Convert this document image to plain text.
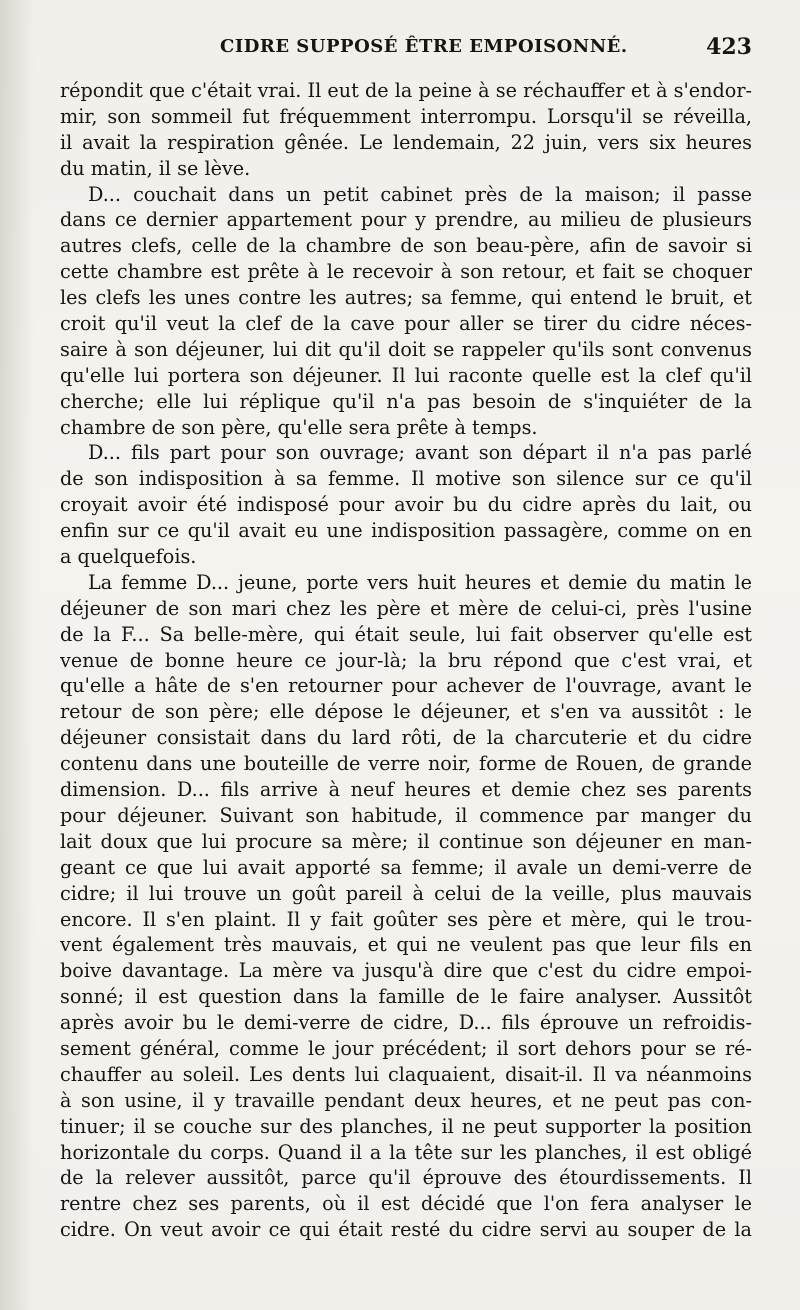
CIDRE SUPPOSÉ ÊTRE EMPOISONNÉ.	423
répondit que c'était vrai. Il eut de la peine à se réchauffer et à s'endor-
mir, son sommeil fut fréquemment interrompu. Lorsqu'il se réveilla,
il avait la respiration gênée. Le lendemain, 22 juin, vers six heures
du matin, il se lève.
D... couchait dans un petit cabinet près de la maison; il passe
dans ce dernier appartement pour y prendre, au milieu de plusieurs
autres clefs, celle de la chambre de son beau-père, afin de savoir si
cette chambre est prête à le recevoir à son retour, et fait se choquer
les clefs les unes contre les autres; sa femme, qui entend le bruit, et
croit qu'il veut la clef de la cave pour aller se tirer du cidre néces-
saire à son déjeuner, lui dit qu'il doit se rappeler qu'ils sont convenus
qu'elle lui portera son déjeuner. Il lui raconte quelle est la clef qu'il
cherche; elle lui réplique qu'il n'a pas besoin de s'inquiéter de la
chambre de son père, qu'elle sera prête à temps.
D... fils part pour son ouvrage; avant son départ il n'a pas parlé
de son indisposition à sa femme. Il motive son silence sur ce qu'il
croyait avoir été indisposé pour avoir bu du cidre après du lait, ou
enfin sur ce qu'il avait eu une indisposition passagère, comme on en
a quelquefois.
La femme D... jeune, porte vers huit heures et demie du matin le
déjeuner de son mari chez les père et mère de celui-ci, près l'usine
de la F... Sa belle-mère, qui était seule, lui fait observer qu'elle est
venue de bonne heure ce jour-là; la bru répond que c'est vrai, et
qu'elle a hâte de s'en retourner pour achever de l'ouvrage, avant le
retour de son père; elle dépose le déjeuner, et s'en va aussitôt : le
déjeuner consistait dans du lard rôti, de la charcuterie et du cidre
contenu dans une bouteille de verre noir, forme de Rouen, de grande
dimension. D... fils arrive à neuf heures et demie chez ses parents
pour déjeuner. Suivant son habitude, il commence par manger du
lait doux que lui procure sa mère; il continue son déjeuner en man-
geant ce que lui avait apporté sa femme; il avale un demi-verre de
cidre; il lui trouve un goût pareil à celui de la veille, plus mauvais
encore. Il s'en plaint. Il y fait goûter ses père et mère, qui le trou-
vent également très mauvais, et qui ne veulent pas que leur fils en
boive davantage. La mère va jusqu'à dire que c'est du cidre empoi-
sonné; il est question dans la famille de le faire analyser. Aussitôt
après avoir bu le demi-verre de cidre, D... fils éprouve un refroidis-
sement général, comme le jour précédent; il sort dehors pour se ré-
chauffer au soleil. Les dents lui claquaient, disait-il. Il va néanmoins
à son usine, il y travaille pendant deux heures, et ne peut pas con-
tinuer; il se couche sur des planches, il ne peut supporter la position
horizontale du corps. Quand il a la tête sur les planches, il est obligé
de la relever aussitôt, parce qu'il éprouve des étourdissements. Il
rentre chez ses parents, où il est décidé que l'on fera analyser le
cidre. On veut avoir ce qui était resté du cidre servi au souper de la
